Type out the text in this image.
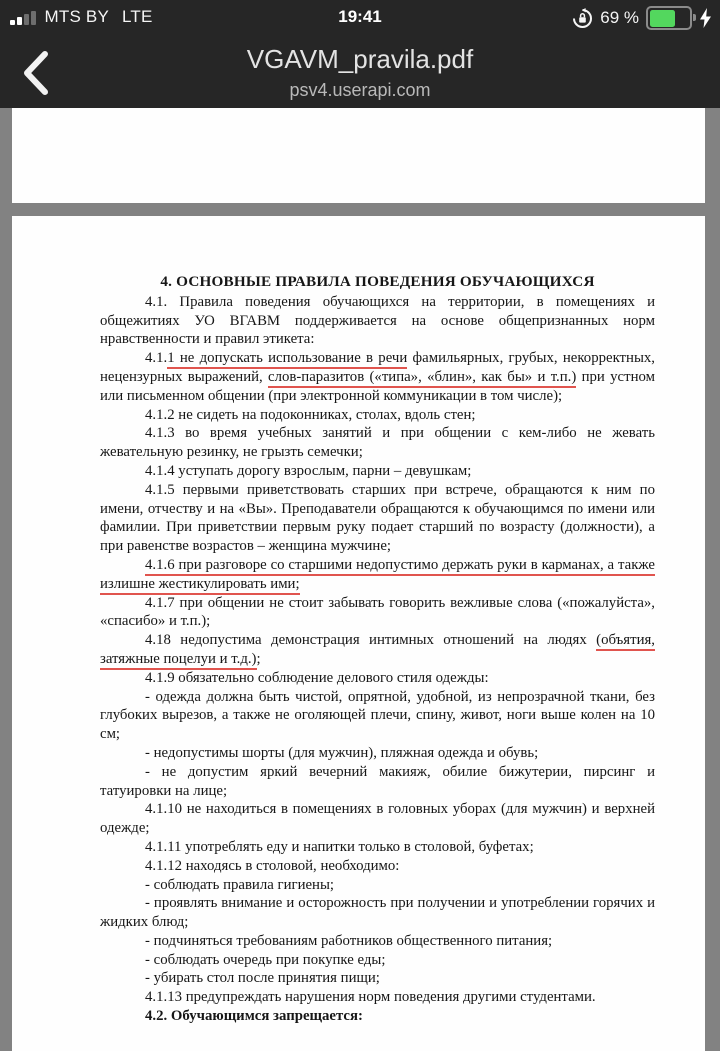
MTS BY LTE	19:41	69 %
VGAVM_pravila.pdf
psv4.userapi.com

4. ОСНОВНЫЕ ПРАВИЛА ПОВЕДЕНИЯ ОБУЧАЮЩИХСЯ

4.1. Правила поведения обучающихся на территории, в помещениях и общежитиях УО ВГАВМ поддерживается на основе общепризнанных норм нравственности и правил этикета:

4.1.1 не допускать использование в речи фамильярных, грубых, некорректных, нецензурных выражений, слов-паразитов («типа», «блин», как бы» и т.п.) при устном или письменном общении (при электронной коммуникации в том числе);

4.1.2 не сидеть на подоконниках, столах, вдоль стен;

4.1.3 во время учебных занятий и при общении с кем-либо не жевать жевательную резинку, не грызть семечки;

4.1.4 уступать дорогу взрослым, парни – девушкам;

4.1.5 первыми приветствовать старших при встрече, обращаются к ним по имени, отчеству и на «Вы». Преподаватели обращаются к обучающимся по имени или фамилии. При приветствии первым руку подает старший по возрасту (должности), а при равенстве возрастов – женщина мужчине;

4.1.6 при разговоре со старшими недопустимо держать руки в карманах, а также излишне жестикулировать ими;

4.1.7 при общении не стоит забывать говорить вежливые слова («пожалуйста», «спасибо» и т.п.);

4.18 недопустима демонстрация интимных отношений на людях (объятия, затяжные поцелуи и т.д.);

4.1.9 обязательно соблюдение делового стиля одежды:

- одежда должна быть чистой, опрятной, удобной, из непрозрачной ткани, без глубоких вырезов, а также не оголяющей плечи, спину, живот, ноги выше колен на 10 см;

- недопустимы шорты (для мужчин), пляжная одежда и обувь;

- не допустим яркий вечерний макияж, обилие бижутерии, пирсинг и татуировки на лице;

4.1.10 не находиться в помещениях в головных уборах (для мужчин) и верхней одежде;

4.1.11 употреблять еду и напитки только в столовой, буфетах;

4.1.12 находясь в столовой, необходимо:

- соблюдать правила гигиены;

- проявлять внимание и осторожность при получении и употреблении горячих и жидких блюд;

- подчиняться требованиям работников общественного питания;

- соблюдать очередь при покупке еды;

- убирать стол после принятия пищи;

4.1.13 предупреждать нарушения норм поведения другими студентами.

4.2. Обучающимся запрещается:
